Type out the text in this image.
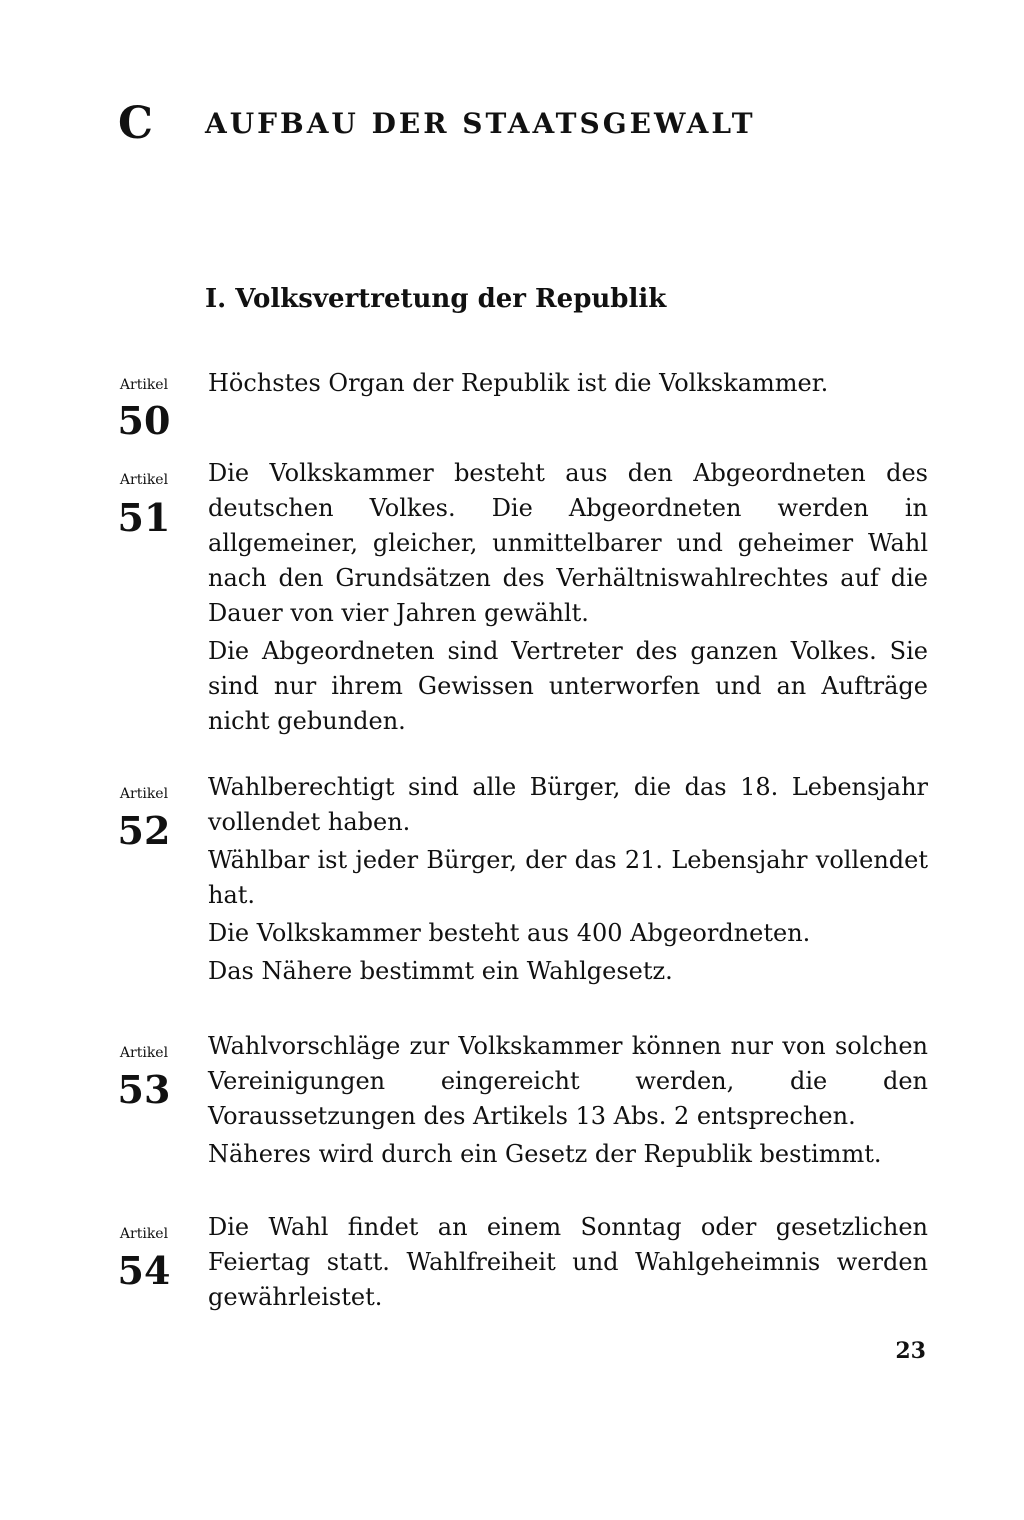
C AUFBAU DER STAATSGEWALT
I. Volksvertretung der Republik
Artikel
50

Höchstes Organ der Republik ist die Volkskammer.

Artikel
51

Die Volkskammer besteht aus den Abgeordneten des deutschen Volkes. Die Abgeordneten werden in allgemeiner, gleicher, unmittelbarer und geheimer Wahl nach den Grundsätzen des Verhältniswahlrechtes auf die Dauer von vier Jahren gewählt.

Die Abgeordneten sind Vertreter des ganzen Volkes. Sie sind nur ihrem Gewissen unterworfen und an Aufträge nicht gebunden.

Artikel
52

Wahlberechtigt sind alle Bürger, die das 18. Lebensjahr vollendet haben.

Wählbar ist jeder Bürger, der das 21. Lebensjahr vollendet hat.

Die Volkskammer besteht aus 400 Abgeordneten.

Das Nähere bestimmt ein Wahlgesetz.

Artikel
53

Wahlvorschläge zur Volkskammer können nur von solchen Vereinigungen eingereicht werden, die den Voraussetzungen des Artikels 13 Abs. 2 entsprechen.

Näheres wird durch ein Gesetz der Republik bestimmt.

Artikel
54

Die Wahl findet an einem Sonntag oder gesetzlichen Feiertag statt. Wahlfreiheit und Wahlgeheimnis werden gewährleistet.

23
